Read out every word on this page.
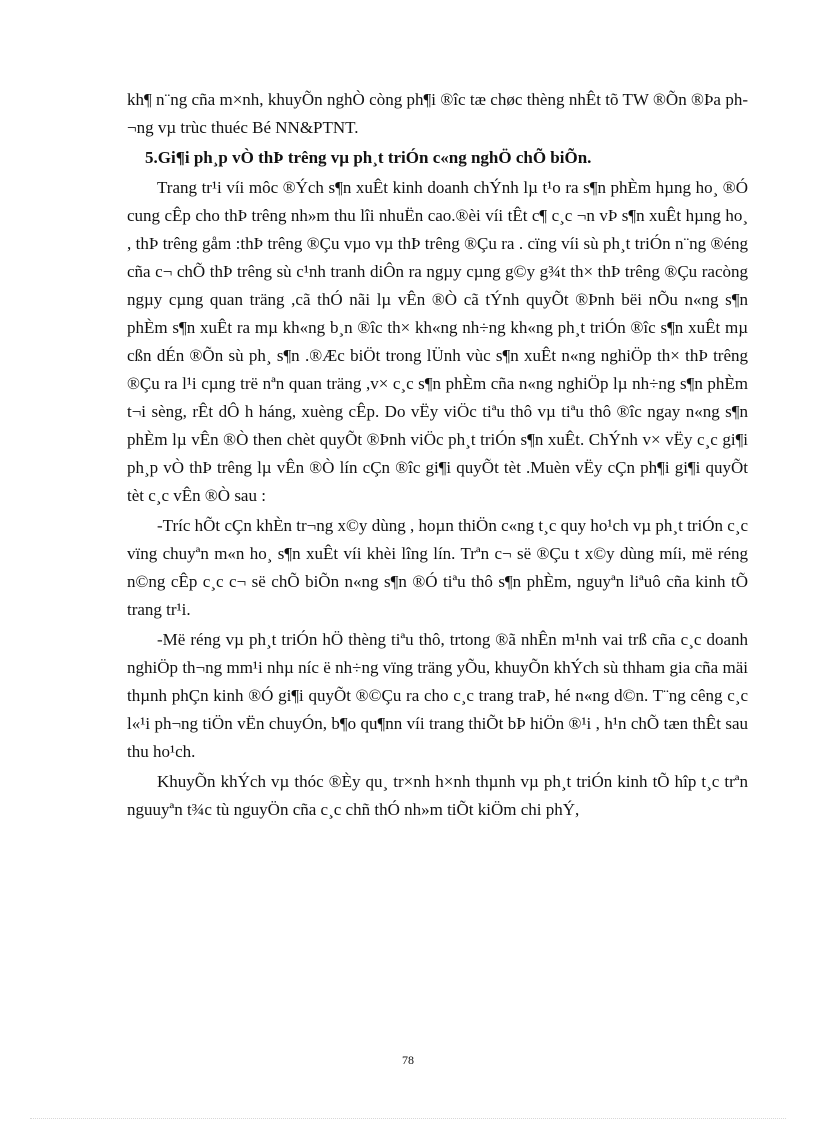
kh¶ n¨ng cña m×nh, khuyÕn nghÒ còng ph¶i ®îc tæ chøc thèng nhÊt tõ TW ®Õn ®Þa ph¬ng vµ trùc thuéc Bé NN&PTNT.

5.Gi¶i ph¸p vÒ thÞ trêng vµ ph¸t triÓn c«ng nghÖ chÕ biÕn.

Trang tr¹i víi môc ®Ých s¶n xuÊt kinh doanh chÝnh lµ t¹o ra s¶n phÈm hµng ho¸ ®Ó cung cÊp cho thÞ trêng nh»m thu lîi nhuËn cao.®èi víi tÊt c¶ c¸c ¬n vÞ s¶n xuÊt hµng ho¸ , thÞ trêng gåm :thÞ trêng ®Çu vµo vµ thÞ trêng ®Çu ra . cïng víi sù ph¸t triÓn n¨ng ®éng cña c¬ chÕ thÞ trêng sù c¹nh tranh diÔn ra ngµy cµng g©y g¾t th× thÞ trêng ®Çu racòng ngµy cµng quan träng ,cã thÓ nãi lµ vÊn ®Ò cã tÝnh quyÕt ®Þnh bëi nÕu n«ng s¶n phÈm s¶n xuÊt ra mµ kh«ng b¸n ®îc th× kh«ng nh÷ng kh«ng ph¸t triÓn ®îc s¶n xuÊt mµ cßn dÉn ®Õn sù ph¸ s¶n .®Æc biÖt trong lÜnh vùc s¶n xuÊt n«ng nghiÖp th× thÞ trêng ®Çu ra l¹i cµng trë nªn quan träng ,v× c¸c s¶n phÈm cña n«ng nghiÖp lµ nh÷ng s¶n phÈm t¬i sèng, rÊt dÔ h háng, xuèng cÊp. Do vËy viÖc tiªu thô vµ tiªu thô ®îc ngay n«ng s¶n phÈm lµ vÊn ®Ò then chèt quyÕt ®Þnh viÖc ph¸t triÓn s¶n xuÊt. ChÝnh v× vËy c¸c gi¶i ph¸p vÒ thÞ trêng lµ vÊn ®Ò lín cÇn ®îc gi¶i quyÕt tèt .Muèn vËy cÇn ph¶i gi¶i quyÕt tèt c¸c vÊn ®Ò sau :

-Tríc hÕt cÇn khÈn tr¬ng x©y dùng , hoµn thiÖn c«ng t¸c quy ho¹ch vµ ph¸t triÓn c¸c vïng chuyªn m«n ho¸ s¶n xuÊt víi khèi lîng lín. Trªn c¬ së ®Çu t x©y dùng míi, më réng n©ng cÊp c¸c c¬ së chÕ biÕn n«ng s¶n ®Ó tiªu thô s¶n phÈm, nguyªn liªuô cña kinh tÕ trang tr¹i.

-Më réng vµ ph¸t triÓn hÖ thèng tiªu thô, trtong ®ã nhÊn m¹nh vai trß cña c¸c doanh nghiÖp th¬ng mm¹i nhµ níc ë nh÷ng vïng träng yÕu, khuyÕn khÝch sù thham gia cña mäi thµnh phÇn kinh ®Ó gi¶i quyÕt ®©Çu ra cho c¸c trang traÞ, hé n«ng d©n. T¨ng cêng c¸c l«¹i ph¬ng tiÖn vËn chuyÓn, b¶o qu¶nn víi trang thiÕt bÞ hiÖn ®¹i , h¹n chÕ tæn thÊt sau thu ho¹ch.

KhuyÕn khÝch vµ thóc ®Èy qu¸ tr×nh h×nh thµnh vµ ph¸t triÓn kinh tÕ hîp t¸c trªn nguuyªn t¾c tù nguyÖn cña c¸c chñ thÓ nh»m tiÕt kiÖm chi phÝ,

78
